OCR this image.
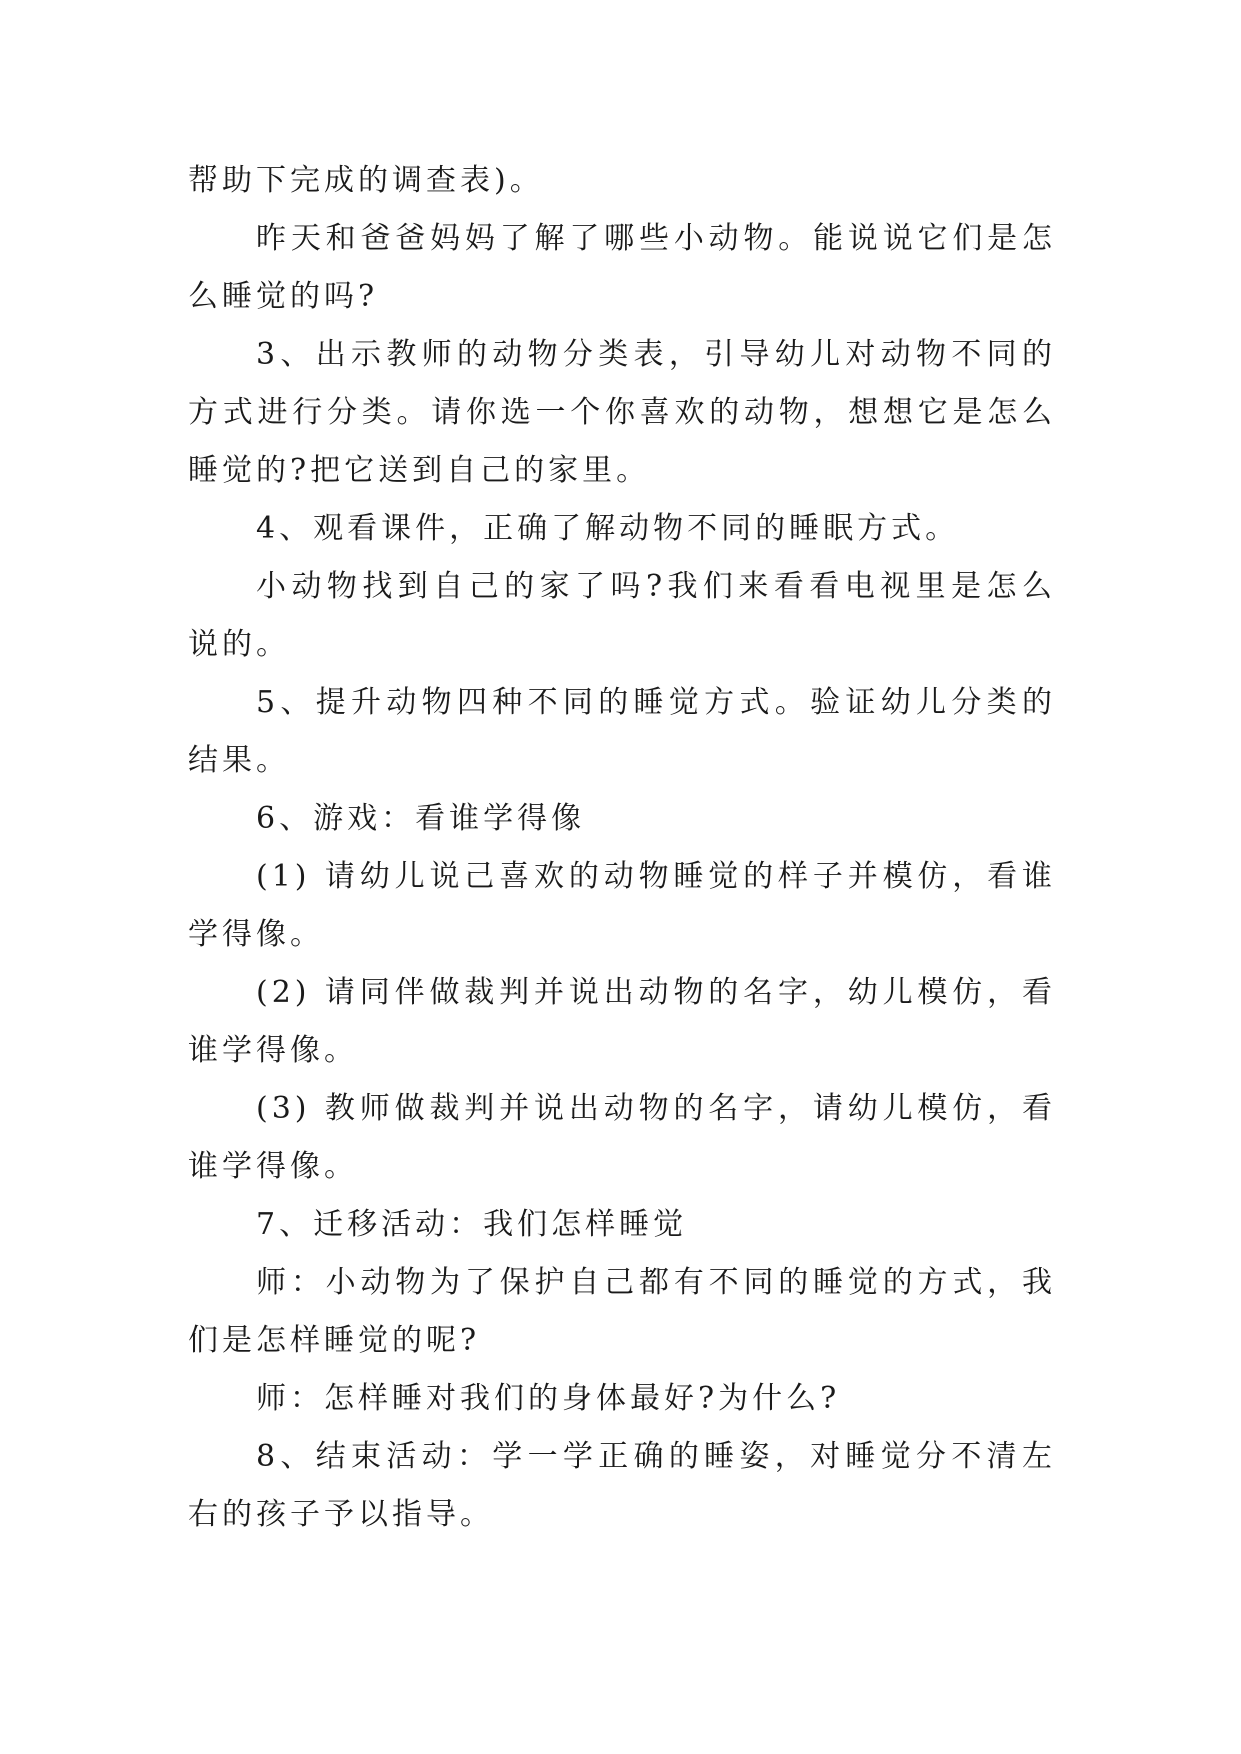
帮助下完成的调查表)。

昨天和爸爸妈妈了解了哪些小动物。能说说它们是怎么睡觉的吗?

3、出示教师的动物分类表，引导幼儿对动物不同的方式进行分类。请你选一个你喜欢的动物，想想它是怎么睡觉的?把它送到自己的家里。

4、观看课件，正确了解动物不同的睡眠方式。

小动物找到自己的家了吗?我们来看看电视里是怎么说的。

5、提升动物四种不同的睡觉方式。验证幼儿分类的结果。

6、游戏：看谁学得像

(1) 请幼儿说己喜欢的动物睡觉的样子并模仿，看谁学得像。

(2) 请同伴做裁判并说出动物的名字，幼儿模仿，看谁学得像。

(3) 教师做裁判并说出动物的名字，请幼儿模仿，看谁学得像。

7、迁移活动：我们怎样睡觉

师：小动物为了保护自己都有不同的睡觉的方式，我们是怎样睡觉的呢?

师：怎样睡对我们的身体最好?为什么?

8、结束活动：学一学正确的睡姿，对睡觉分不清左右的孩子予以指导。
